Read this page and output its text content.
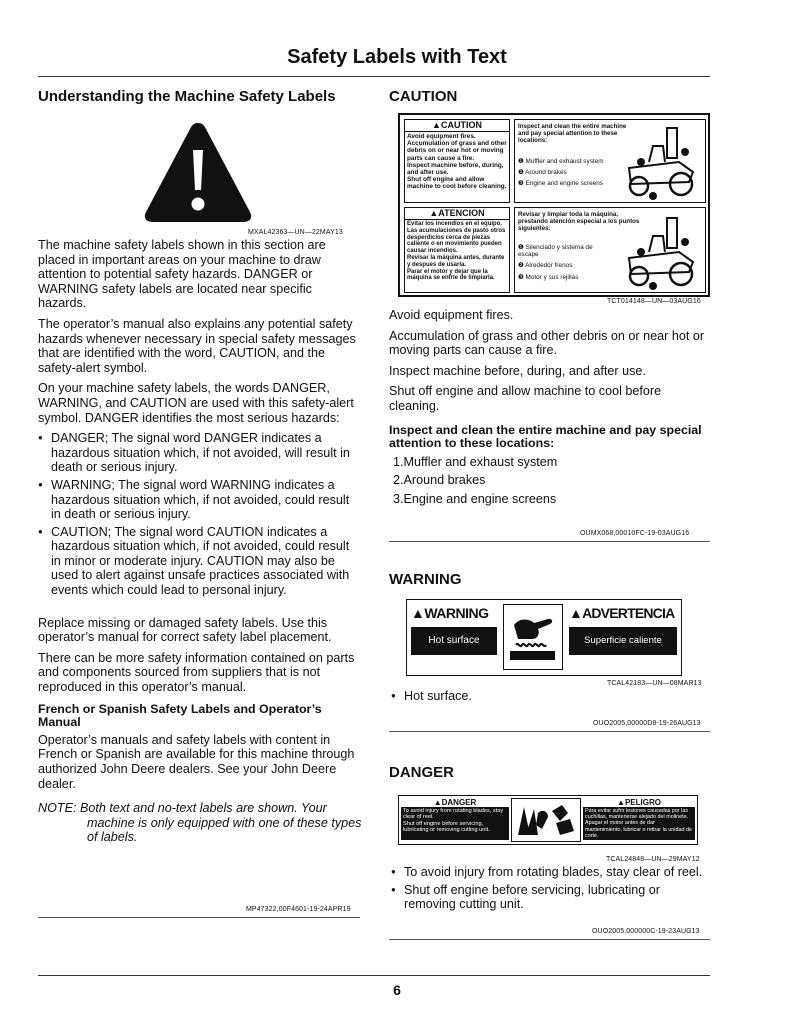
Safety Labels with Text
Understanding the Machine Safety Labels
MXAL42363—UN—22MAY13

The machine safety labels shown in this section are placed in important areas on your machine to draw attention to potential safety hazards. DANGER or WARNING safety labels are located near specific hazards.

The operator’s manual also explains any potential safety hazards whenever necessary in special safety messages that are identified with the word, CAUTION, and the safety-alert symbol.

On your machine safety labels, the words DANGER, WARNING, and CAUTION are used with this safety-alert symbol. DANGER identifies the most serious hazards:

● DANGER; The signal word DANGER indicates a hazardous situation which, if not avoided, will result in death or serious injury.

● WARNING; The signal word WARNING indicates a hazardous situation which, if not avoided, could result in death or serious injury.

● CAUTION; The signal word CAUTION indicates a hazardous situation which, if not avoided, could result in minor or moderate injury. CAUTION may also be used to alert against unsafe practices associated with events which could lead to personal injury.

Replace missing or damaged safety labels. Use this operator’s manual for correct safety label placement.

There can be more safety information contained on parts and components sourced from suppliers that is not reproduced in this operator’s manual.

French or Spanish Safety Labels and Operator’s Manual

Operator’s manuals and safety labels with content in French or Spanish are available for this machine through authorized John Deere dealers. See your John Deere dealer.

NOTE: Both text and no-text labels are shown. Your machine is only equipped with one of these types of labels.

MP47322,00F4601-19-24APR19
CAUTION
▲CAUTION
Avoid equipment fires.
Accumulation of grass and other debris on or near hot or moving parts can cause a fire.
Inspect machine before, during, and after use.
Shut off engine and allow machine to cool before cleaning.
Inspect and clean the entire machine and pay special attention to these locations:
❶ Muffler and exhaust system
❷ Around brakes
❸ Engine and engine screens
▲ATENCION
Evitar los incendios en el equipo.
Las acumulaciones de pasto otros desperdicios cerca de piezas caliente o en movimiento pueden causar incendios.
Revisar la máquina antes, durante y despues de usarla.
Parar el motor y dejar que la máquina se enfríe de limpiarla.
Revisar y limpiar toda la máquina, prestando atención especial a los puntos siguientes:
❶ Silenciado y sistema de escape
❷ Alrededor frenos
❸ Motor y sus rejillas
TCT014148—UN—03AUG16

Avoid equipment fires.

Accumulation of grass and other debris on or near hot or moving parts can cause a fire.

Inspect machine before, during, and after use.

Shut off engine and allow machine to cool before cleaning.

Inspect and clean the entire machine and pay special attention to these locations:

1.Muffler and exhaust system

2.Around brakes

3.Engine and engine screens

OUMX068,00010FC-19-03AUG16
WARNING
▲WARNING
Hot surface
▲ADVERTENCIA
Superficie caliente
TCAL42183—UN—08MAR13

● Hot surface.

OUO2005,00000D8-19-26AUG13
DANGER
▲DANGER
To avoid injury from rotating blades, stay clear of reel.
Shut off engine before servicing, lubricating or removing cutting unit.
▲PELIGRO
Para evitar sufrir lesiones causadas por las cuchillas, mantenerse alejado del molinete.
Apagar el motor antes de dar mantenimiento, lubricar o retirar la unidad de corte.
TCAL24848—UN—29MAY12

● To avoid injury from rotating blades, stay clear of reel.

● Shut off engine before servicing, lubricating or removing cutting unit.

OUO2005,000000C-19-23AUG13
6
